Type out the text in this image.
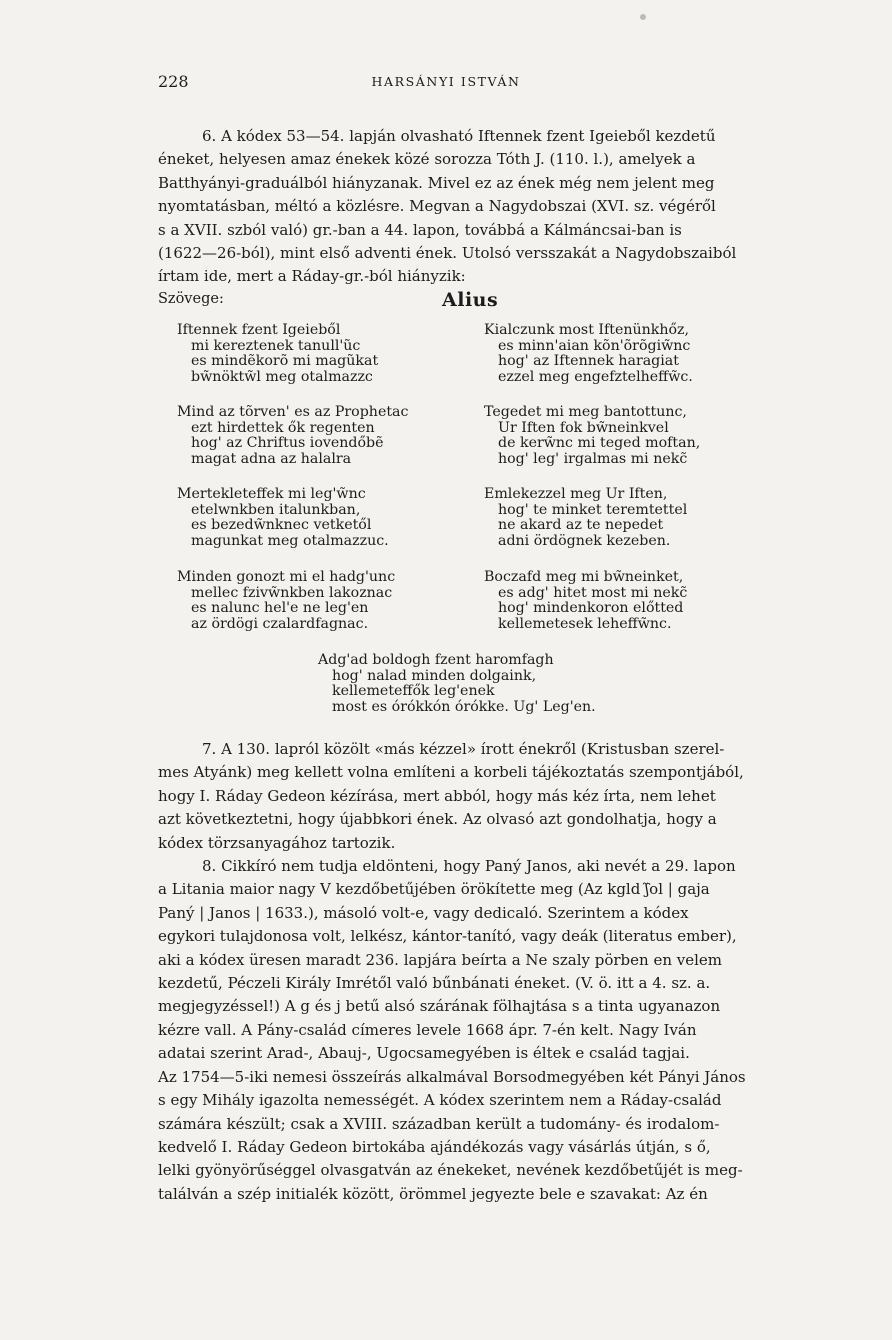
228	HARSÁNYI ISTVÁN

6. A kódex 53—54. lapján olvasható Iftennek fzent Igeieből kezdetű

éneket, helyesen amaz énekek közé sorozza Tóth J. (110. l.), amelyek a

Batthyányi-graduálból hiányzanak. Mivel ez az ének még nem jelent meg

nyomtatásban, méltó a közlésre. Megvan a Nagydobszai (XVI. sz. végéről

s a XVII. szból való) gr.-ban a 44. lapon, továbbá a Kálmáncsai-ban is

(1622—26-ból), mint első adventi ének. Utolsó versszakát a Nagydobszaiból

írtam ide, mert a Ráday-gr.-ból hiányzik:

Szövege:	Alius
Iftennek fzent Igeieből
mi kereztenek tanull'ũc
es mindẽkorõ mi magũkat
bw̃nöktw̃l meg otalmazzc
Mind az tõrven' es az Prophetac
ezt hirdettek ők regenten
hog' az Chriftus iovendőbẽ
magat adna az halalra
Mertekleteffek mi leg'w̃nc
etelwnkben italunkban,
es bezedw̃nknec vetketől
magunkat meg otalmazzuc.
Minden gonozt mi el hadg'unc
mellec fzivw̃nkben lakoznac
es nalunc hel'e ne leg'en
az ördögi czalardfagnac.
Kialczunk most Iftenünkhőz,
es minn'aian kõn'õrõgiw̃nc
hog' az Iftennek haragiat
ezzel meg engefztelheffw̃c.
Tegedet mi meg bantottunc,
Ur Iften fok bw̃neinkvel
de kerw̃nc mi teged moftan,
hog' leg' irgalmas mi nekc̃
Emlekezzel meg Ur Iften,
hog' te minket teremtettel
ne akard az te nepedet
adni ördögnek kezeben.
Boczafd meg mi bw̃neinket,
es adg' hitet most mi nekc̃
hog' mindenkoron előtted
kellemetesek leheffw̃nc.
Adg'ad boldogh fzent haromfagh
hog' nalad minden dolgaink,
kellemeteffők leg'enek
most es órókkón órókke. Ug' Leg'en.

7. A 130. lapról közölt «más kézzel» írott énekről (Kristusban szerel-

mes Atyánk) meg kellett volna említeni a korbeli tájékoztatás szempontjából,

hogy I. Ráday Gedeon kézírása, mert abból, hogy más kéz írta, nem lehet

azt következtetni, hogy újabbkori ének. Az olvasó azt gondolhatja, hogy a

kódex törzsanyagához tartozik.

8. Cikkíró nem tudja eldönteni, hogy Paný Janos, aki nevét a 29. lapon

a Litania maior nagy V kezdőbetűjében örökítette meg (Az kgld ʃ̃ol | gaja

Paný | Janos | 1633.), másoló volt-e, vagy dedicaló. Szerintem a kódex

egykori tulajdonosa volt, lelkész, kántor-tanító, vagy deák (literatus ember),

aki a kódex üresen maradt 236. lapjára beírta a Ne szaly pörben en velem

kezdetű, Péczeli Király Imrétől való bűnbánati éneket. (V. ö. itt a 4. sz. a.

megjegyzéssel!) A g és j betű alsó szárának fölhajtása s a tinta ugyanazon

kézre vall. A Pány-család címeres levele 1668 ápr. 7-én kelt. Nagy Iván

adatai szerint Arad-, Abauj-, Ugocsamegyében is éltek e család tagjai.

Az 1754—5-iki nemesi összeírás alkalmával Borsodmegyében két Pányi János

s egy Mihály igazolta nemességét. A kódex szerintem nem a Ráday-család

számára készült; csak a XVIII. században került a tudomány- és irodalom-

kedvelő I. Ráday Gedeon birtokába ajándékozás vagy vásárlás útján, s ő,

lelki gyönyörűséggel olvasgatván az énekeket, nevének kezdőbetűjét is meg-

találván a szép initialék között, örömmel jegyezte bele e szavakat: Az én
